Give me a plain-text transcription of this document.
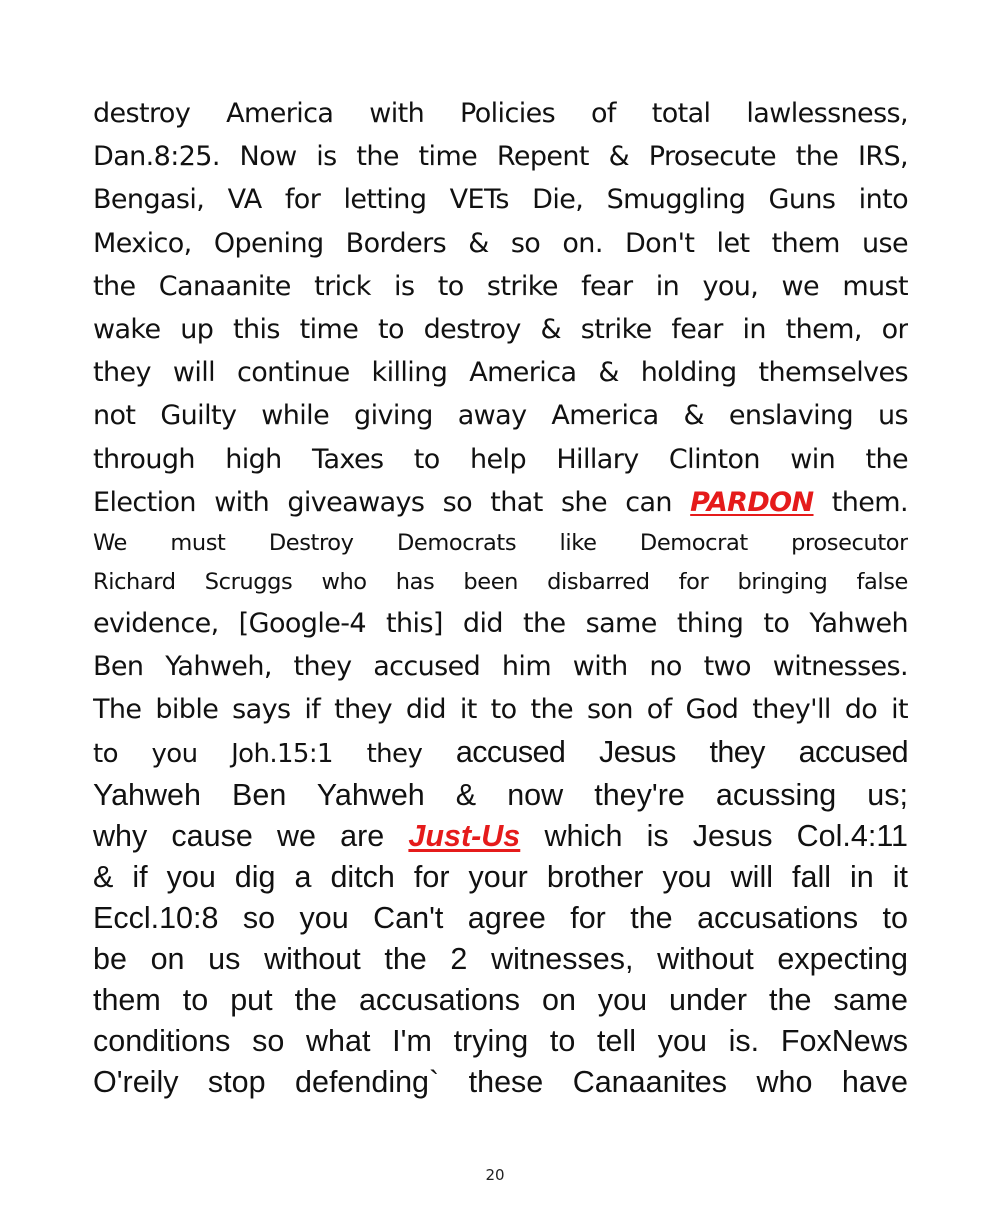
destroy America with Policies of total lawlessness,
Dan.8:25. Now is the time Repent & Prosecute the IRS,
Bengasi, VA for letting VETs Die, Smuggling Guns into
Mexico, Opening Borders & so on. Don't let them use
the Canaanite trick is to strike fear in you, we must
wake up this time to destroy & strike fear in them, or
they will continue killing America & holding themselves
not Guilty while giving away America & enslaving us
through high Taxes to help Hillary Clinton win the
Election with giveaways so that she can PARDON them.
We must Destroy Democrats like Democrat prosecutor
Richard Scruggs who has been disbarred for bringing false
evidence, [Google-4 this] did the same thing to Yahweh
Ben Yahweh, they accused him with no two witnesses.
The bible says if they did it to the son of God they'll do it
to you Joh.15:1 they accused Jesus they accused
Yahweh Ben Yahweh & now they're acussing us;
why cause we are Just-Us which is Jesus Col.4:11
& if you dig a ditch for your brother you will fall in it
Eccl.10:8 so you Can't agree for the accusations to
be on us without the 2 witnesses, without expecting
them to put the accusations on you under the same
conditions so what I'm trying to tell you is. FoxNews
O'reily stop defending` these Canaanites who have
20
